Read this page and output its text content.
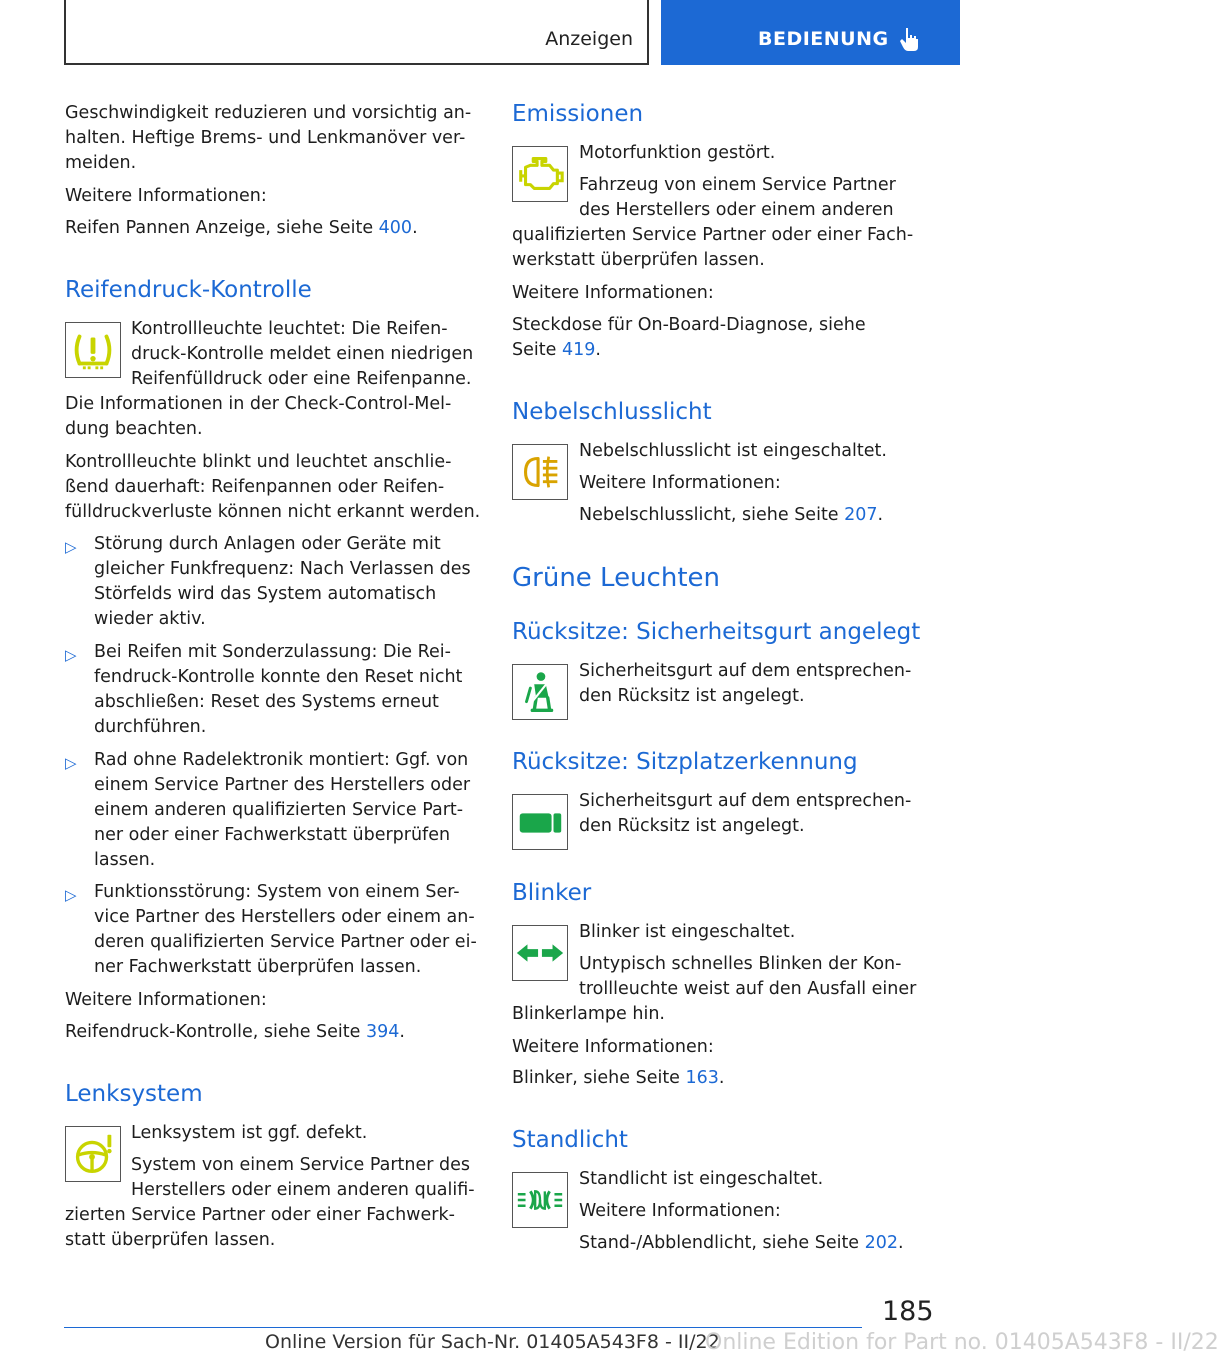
Anzeigen	BEDIENUNG
Geschwindigkeit reduzieren und vorsichtig an-
halten. Heftige Brems- und Lenkmanöver ver-
meiden.
Weitere Informationen:
Reifen Pannen Anzeige, siehe Seite 400.
Reifendruck-Kontrolle
Kontrollleuchte leuchtet: Die Reifen-
druck-Kontrolle meldet einen niedrigen
Reifenfülldruck oder eine Reifenpanne.
Die Informationen in der Check-Control-Mel-
dung beachten.
Kontrollleuchte blinkt und leuchtet anschlie-
ßend dauerhaft: Reifenpannen oder Reifen-
fülldruckverluste können nicht erkannt werden.
▷ Störung durch Anlagen oder Geräte mit
gleicher Funkfrequenz: Nach Verlassen des
Störfelds wird das System automatisch
wieder aktiv.
▷ Bei Reifen mit Sonderzulassung: Die Rei-
fendruck-Kontrolle konnte den Reset nicht
abschließen: Reset des Systems erneut
durchführen.
▷ Rad ohne Radelektronik montiert: Ggf. von
einem Service Partner des Herstellers oder
einem anderen qualifizierten Service Part-
ner oder einer Fachwerkstatt überprüfen
lassen.
▷ Funktionsstörung: System von einem Ser-
vice Partner des Herstellers oder einem an-
deren qualifizierten Service Partner oder ei-
ner Fachwerkstatt überprüfen lassen.
Weitere Informationen:
Reifendruck-Kontrolle, siehe Seite 394.
Lenksystem
Lenksystem ist ggf. defekt.
System von einem Service Partner des
Herstellers oder einem anderen qualifi-
zierten Service Partner oder einer Fachwerk-
statt überprüfen lassen.
Emissionen
Motorfunktion gestört.
Fahrzeug von einem Service Partner
des Herstellers oder einem anderen
qualifizierten Service Partner oder einer Fach-
werkstatt überprüfen lassen.
Weitere Informationen:
Steckdose für On-Board-Diagnose, siehe
Seite 419.
Nebelschlusslicht
Nebelschlusslicht ist eingeschaltet.
Weitere Informationen:
Nebelschlusslicht, siehe Seite 207.
Grüne Leuchten
Rücksitze: Sicherheitsgurt angelegt
Sicherheitsgurt auf dem entsprechen-
den Rücksitz ist angelegt.
Rücksitze: Sitzplatzerkennung
Sicherheitsgurt auf dem entsprechen-
den Rücksitz ist angelegt.
Blinker
Blinker ist eingeschaltet.
Untypisch schnelles Blinken der Kon-
trollleuchte weist auf den Ausfall einer
Blinkerlampe hin.
Weitere Informationen:
Blinker, siehe Seite 163.
Standlicht
Standlicht ist eingeschaltet.
Weitere Informationen:
Stand-/Abblendlicht, siehe Seite 202.
185
Online Version für Sach-Nr. 01405A543F8 - II/22
Online Edition for Part no. 01405A543F8 - II/22
